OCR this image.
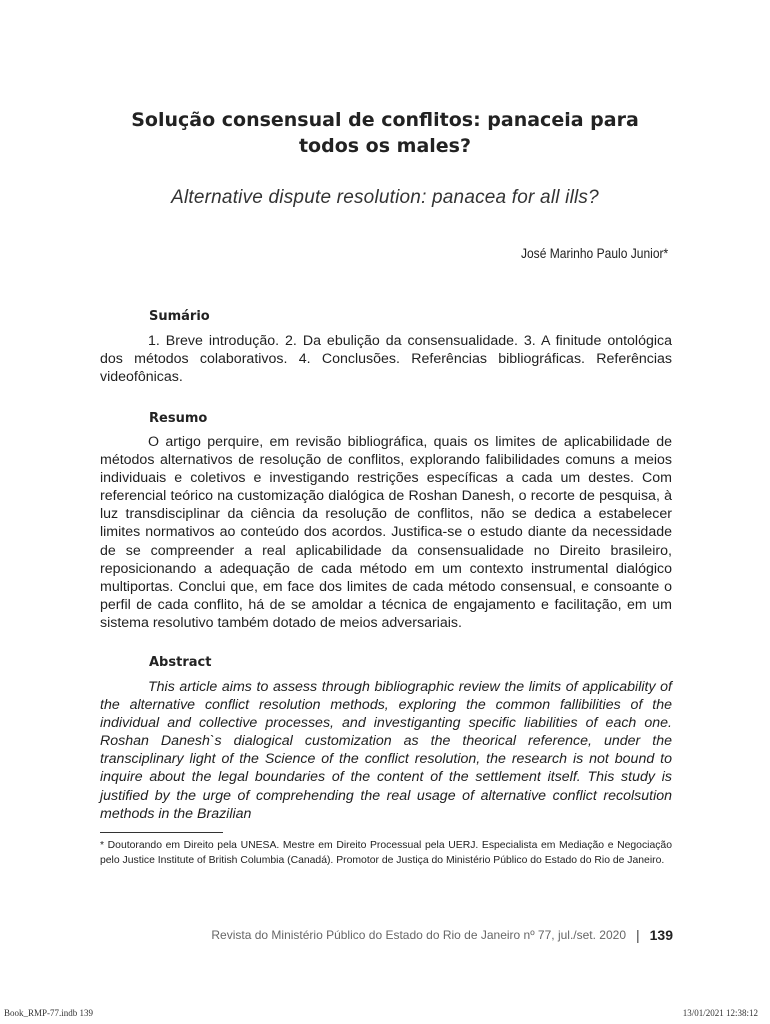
Solução consensual de conflitos: panaceia para todos os males?
Alternative dispute resolution: panacea for all ills?
José Marinho Paulo Junior*
Sumário
1. Breve introdução. 2. Da ebulição da consensualidade. 3. A finitude ontológica dos métodos colaborativos. 4. Conclusões. Referências bibliográficas. Referências videofônicas.
Resumo
O artigo perquire, em revisão bibliográfica, quais os limites de aplicabilidade de métodos alternativos de resolução de conflitos, explorando falibilidades comuns a meios individuais e coletivos e investigando restrições específicas a cada um destes. Com referencial teórico na customização dialógica de Roshan Danesh, o recorte de pesquisa, à luz transdisciplinar da ciência da resolução de conflitos, não se dedica a estabelecer limites normativos ao conteúdo dos acordos. Justifica-se o estudo diante da necessidade de se compreender a real aplicabilidade da consensualidade no Direito brasileiro, reposicionando a adequação de cada método em um contexto instrumental dialógico multiportas. Conclui que, em face dos limites de cada método consensual, e consoante o perfil de cada conflito, há de se amoldar a técnica de engajamento e facilitação, em um sistema resolutivo também dotado de meios adversariais.
Abstract
This article aims to assess through bibliographic review the limits of applicability of the alternative conflict resolution methods, exploring the common fallibilities of the individual and collective processes, and investiganting specific liabilities of each one. Roshan Danesh`s dialogical customization as the theorical reference, under the transciplinary light of the Science of the conflict resolution, the research is not bound to inquire about the legal boundaries of the content of the settlement itself. This study is justified by the urge of comprehending the real usage of alternative conflict recolsution methods in the Brazilian
* Doutorando em Direito pela UNESA. Mestre em Direito Processual pela UERJ. Especialista em Mediação e Negociação pelo Justice Institute of British Columbia (Canadá). Promotor de Justiça do Ministério Público do Estado do Rio de Janeiro.
Revista do Ministério Público do Estado do Rio de Janeiro nº 77, jul./set. 2020 | 139
Book_RMP-77.indb 139	13/01/2021 12:38:12
